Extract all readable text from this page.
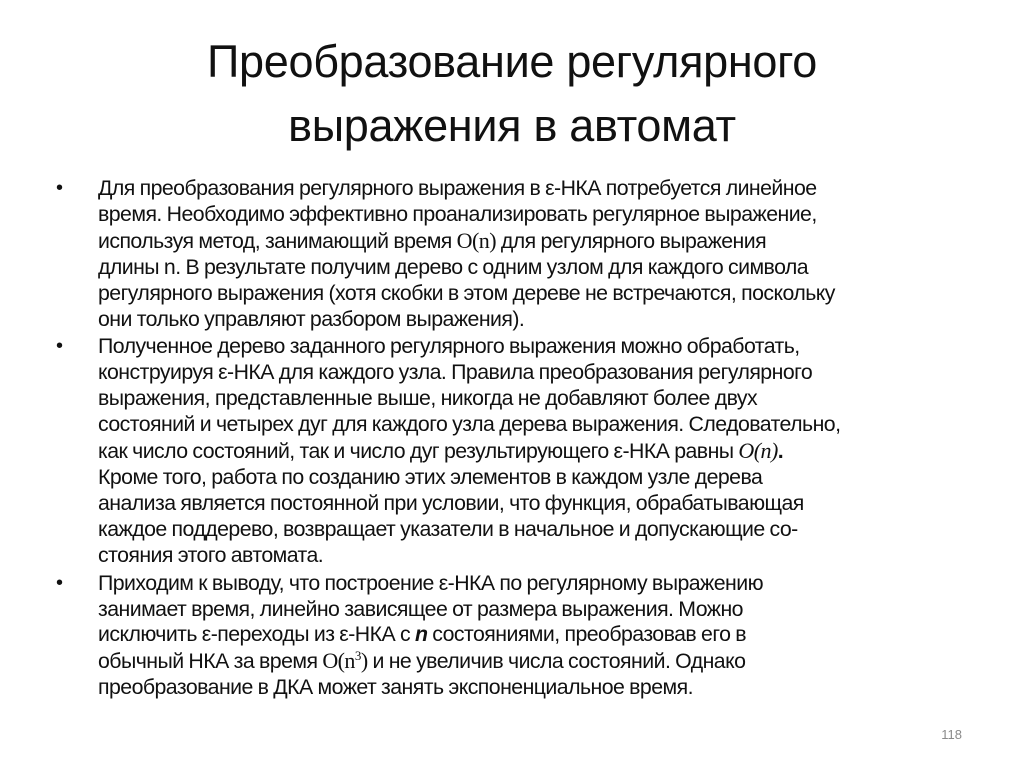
Преобразование регулярного
выражения в автомат
•	Для преобразования регулярного выражения в ε-НКА потребуется линейное
время. Необходимо эффективно проанализировать регулярное выражение,
используя метод, занимающий время O(n) для регулярного выражения
длины n. В результате получим дерево с одним узлом для каждого символа
регулярного выражения (хотя скобки в этом дереве не встречаются, поскольку
они только управляют разбором выражения).
•	Полученное дерево заданного регулярного выражения можно обработать,
конструируя ε-НКА для каждого узла. Правила преобразования регулярного
выражения, представленные выше, никогда не добавляют более двух
состояний и четырех дуг для каждого узла дерева выражения. Следовательно,
как число состояний, так и число дуг результирующего ε-НКА равны O(n).
Кроме того, работа по созданию этих элементов в каждом узле дерева
анализа является постоянной при условии, что функция, обрабатывающая
каждое поддерево, возвращает указатели в начальное и допускающие со-
стояния этого автомата.
•	Приходим к выводу, что построение ε-НКА по регулярному выражению
занимает время, линейно зависящее от размера выражения. Можно
исключить ε-переходы из ε-НКА с n состояниями, преобразовав его в
обычный НКА за время $O(n^3)$ и не увеличив числа состояний. Однако
преобразование в ДКА может занять экспоненциальное время.
118
